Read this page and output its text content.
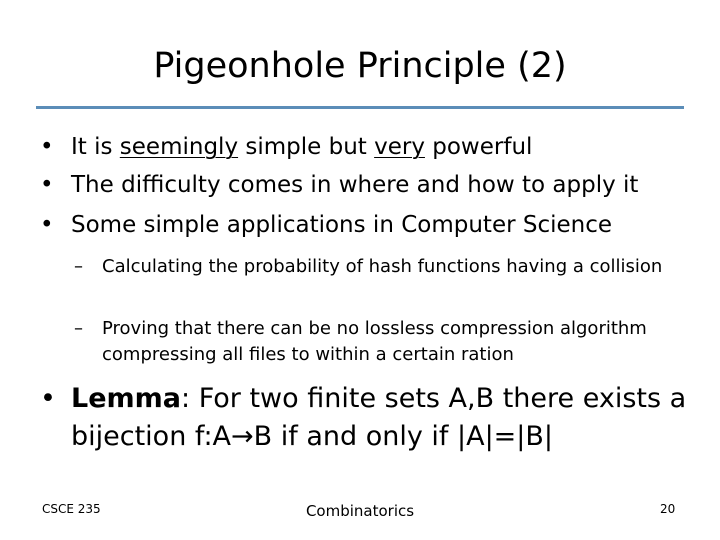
Pigeonhole Principle (2)
• It is seemingly simple but very powerful
• The difficulty comes in where and how to apply it
• Some simple applications in Computer Science
– Calculating the probability of hash functions having a collision
– Proving that there can be no lossless compression algorithm compressing all files to within a certain ration
• Lemma: For two finite sets A,B there exists a bijection f:A→B if and only if |A|=|B|
CSCE 235	Combinatorics	20
